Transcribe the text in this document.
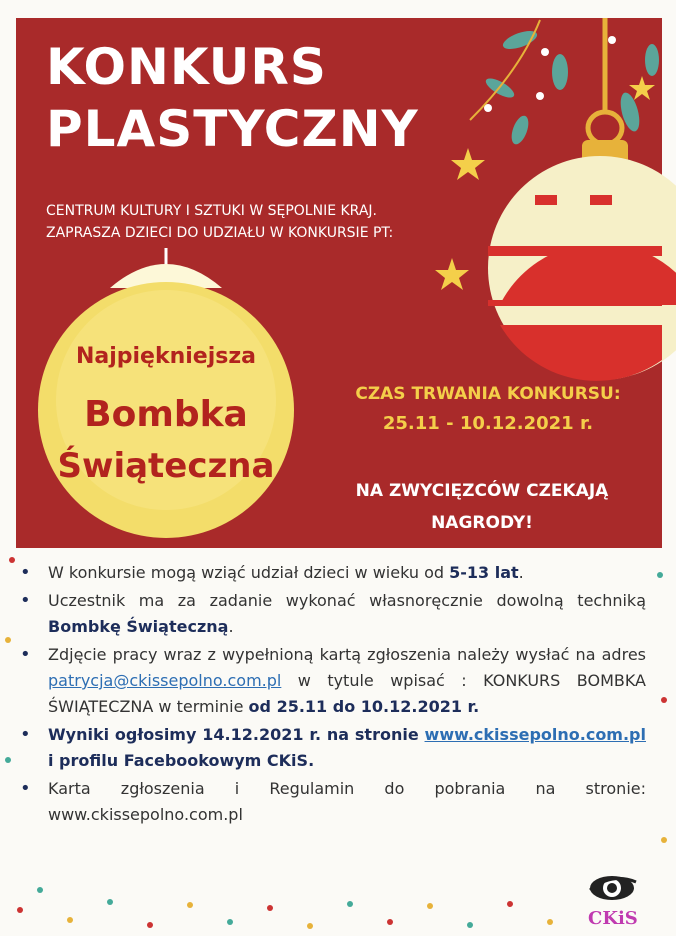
KONKURS
PLASTYCZNY
CENTRUM KULTURY I SZTUKI W SĘPOLNIE KRAJ.
ZAPRASZA DZIECI DO UDZIAŁU W KONKURSIE PT:
Najpiękniejsza
Bombka
Świąteczna
CZAS TRWANIA KONKURSU:
25.11 - 10.12.2021 r.
NA ZWYCIĘZCÓW CZEKAJĄ
NAGRODY!
•	W konkursie mogą wziąć udział dzieci w wieku od 5-13 lat.
•	Uczestnik ma za zadanie wykonać własnoręcznie dowolną techniką Bombkę Świąteczną.
•	Zdjęcie pracy wraz z wypełnioną kartą zgłoszenia należy wysłać na adres patrycja@ckissepolno.com.pl w tytule wpisać : KONKURS BOMBKA ŚWIĄTECZNA w terminie od 25.11 do 10.12.2021 r.
•	Wyniki ogłosimy 14.12.2021 r. na stronie www.ckissepolno.com.pl i profilu Facebookowym CKiS.
•	Karta zgłoszenia i Regulamin do pobrania na stronie: www.ckissepolno.com.pl
CKiS
